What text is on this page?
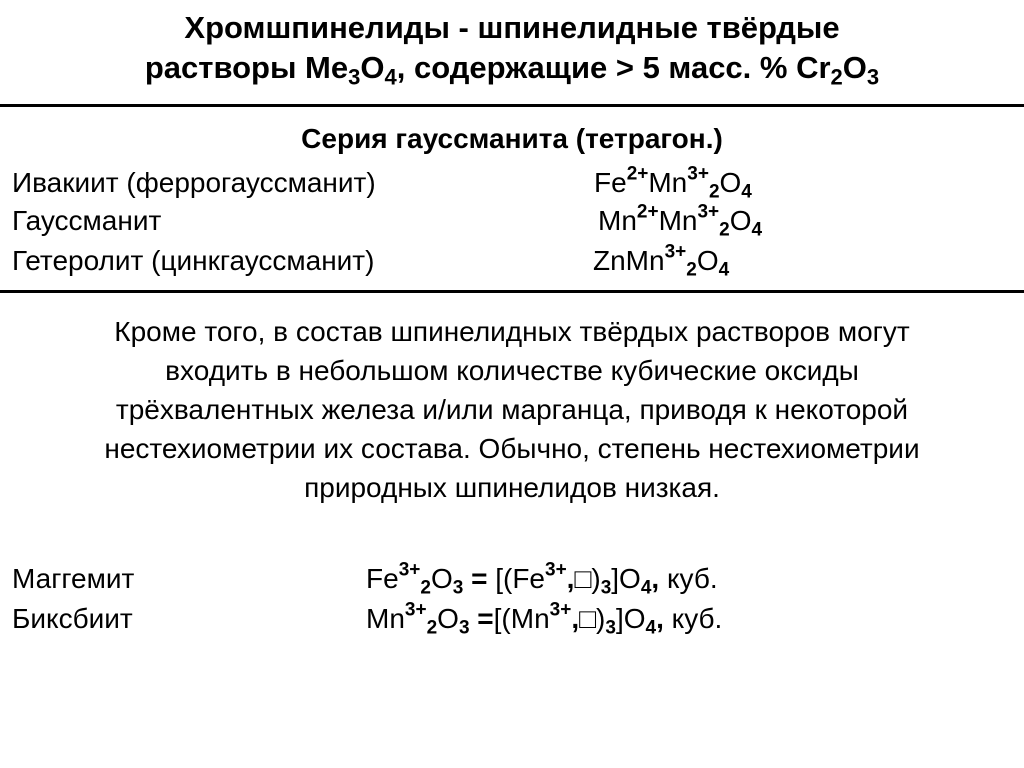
Хромшпинелиды - шпинелидные твёрдые
растворы $Me_3O_4$, содержащие > 5 масс. % $Cr_2O_3$
Серия гауссманита (тетрагон.)
Ивакиит (феррогауссманит)	$Fe^{2+}Mn^{3+}_2O_4$
Гауссманит	$Mn^{2+}Mn^{3+}_2O_4$
Гетеролит (цинкгауссманит)	$ZnMn^{3+}_2O_4$
Кроме того, в состав шпинелидных твёрдых растворов могут
входить в небольшом количестве кубические оксиды
трёхвалентных железа и/или марганца, приводя к некоторой
нестехиометрии их состава. Обычно, степень нестехиометрии
природных шпинелидов низкая.
Маггемит	$Fe^{3+}_2O_3$ = $[(Fe^{3+},□)_3]O_4$, куб.
Биксбиит	$Mn^{3+}_2O_3$ $=[(Mn^{3+},□)_3]O_4$, куб.
